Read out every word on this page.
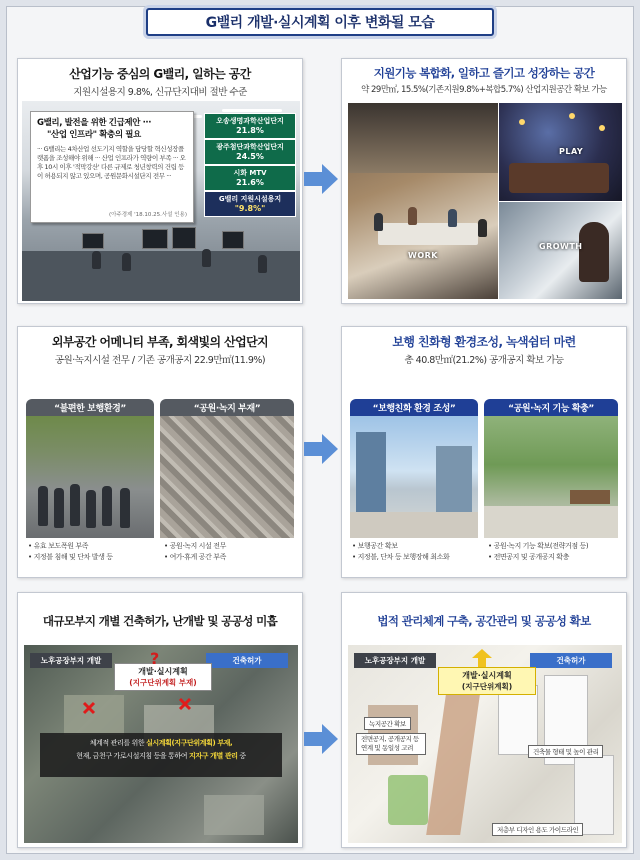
G밸리 개발·실시계획 이후 변화될 모습
산업기능 중심의 G밸리, 일하는 공간
지원시설용지 9.8%, 신규단지대비 절반 수준
G밸리, 발전을 위한 긴급제안 ···
"산업 인프라" 확충의 필요
··· G밸리는 4차산업 선도기지 역할을 담당할 혁신성장플랫폼을 조성해야 위해 ··· 산업 인프라가 역량이 부족 ··· 오후 10시 이후 '적막강산' 다른 규제로 청년창력의 건립 등이 허용되지 않고 있으며, 공원문화시설단지 전무 ···
(아주경제 '18.10.25.사설 인용)
오송생명과학산업단지
21.8%
광주첨단과학산업단지
24.5%
시화 MTV
21.6%
G밸리 지원시설용지
"9.8%"
지원기능 복합화, 일하고 즐기고 성장하는 공간
약 29만㎡, 15.5%(기존지원9.8%+복합5.7%) 산업지원공간 확보 가능
WORK
PLAY
GROWTH
외부공간 어메니티 부족, 회색빛의 산업단지
공원·녹지시설 전무 / 기존 공개공지 22.9만㎡(11.9%)
“불편한 보행환경”	“공원·녹지 부재”
• 유효 보도폭원 부족
• 지정블 침해 및 단차 발생 등
• 공원·녹지 시설 전무
• 여가·휴게 공간 부족
보행 친화형 환경조성, 녹색쉼터 마련
총 40.8만㎡(21.2%) 공개공지 확보 가능
“보행친화 환경 조성”	“공원·녹지 기능 확충”
• 보행공간 확보
• 지정블, 단차 등 보행장해 최소화
• 공원·녹지 기능 확보(전략거점 등)
• 전면공지 및 공개공지 확충
대규모부지 개별 건축허가, 난개발 및 공공성 미흡
노후공장부지 개발	건축허가
개발·실시계획
(지구단위계획 부재)
?
체계적 관리를 위한 실시계획(지구단위계획) 부재,
현재, 금천구 가로시설지침 등을 통하여 지자구 개별 관리 중
법적 관리체계 구축, 공간관리 및 공공성 확보
노후공장부지 개발	건축허가
개발·실시계획
(지구단위계획)
녹지공간 확보
전면공지, 공개공지 등 연계 및 동일성 고려	건축물 형태 및 높이 관리
저층부 디자인 용도 가이드라인
